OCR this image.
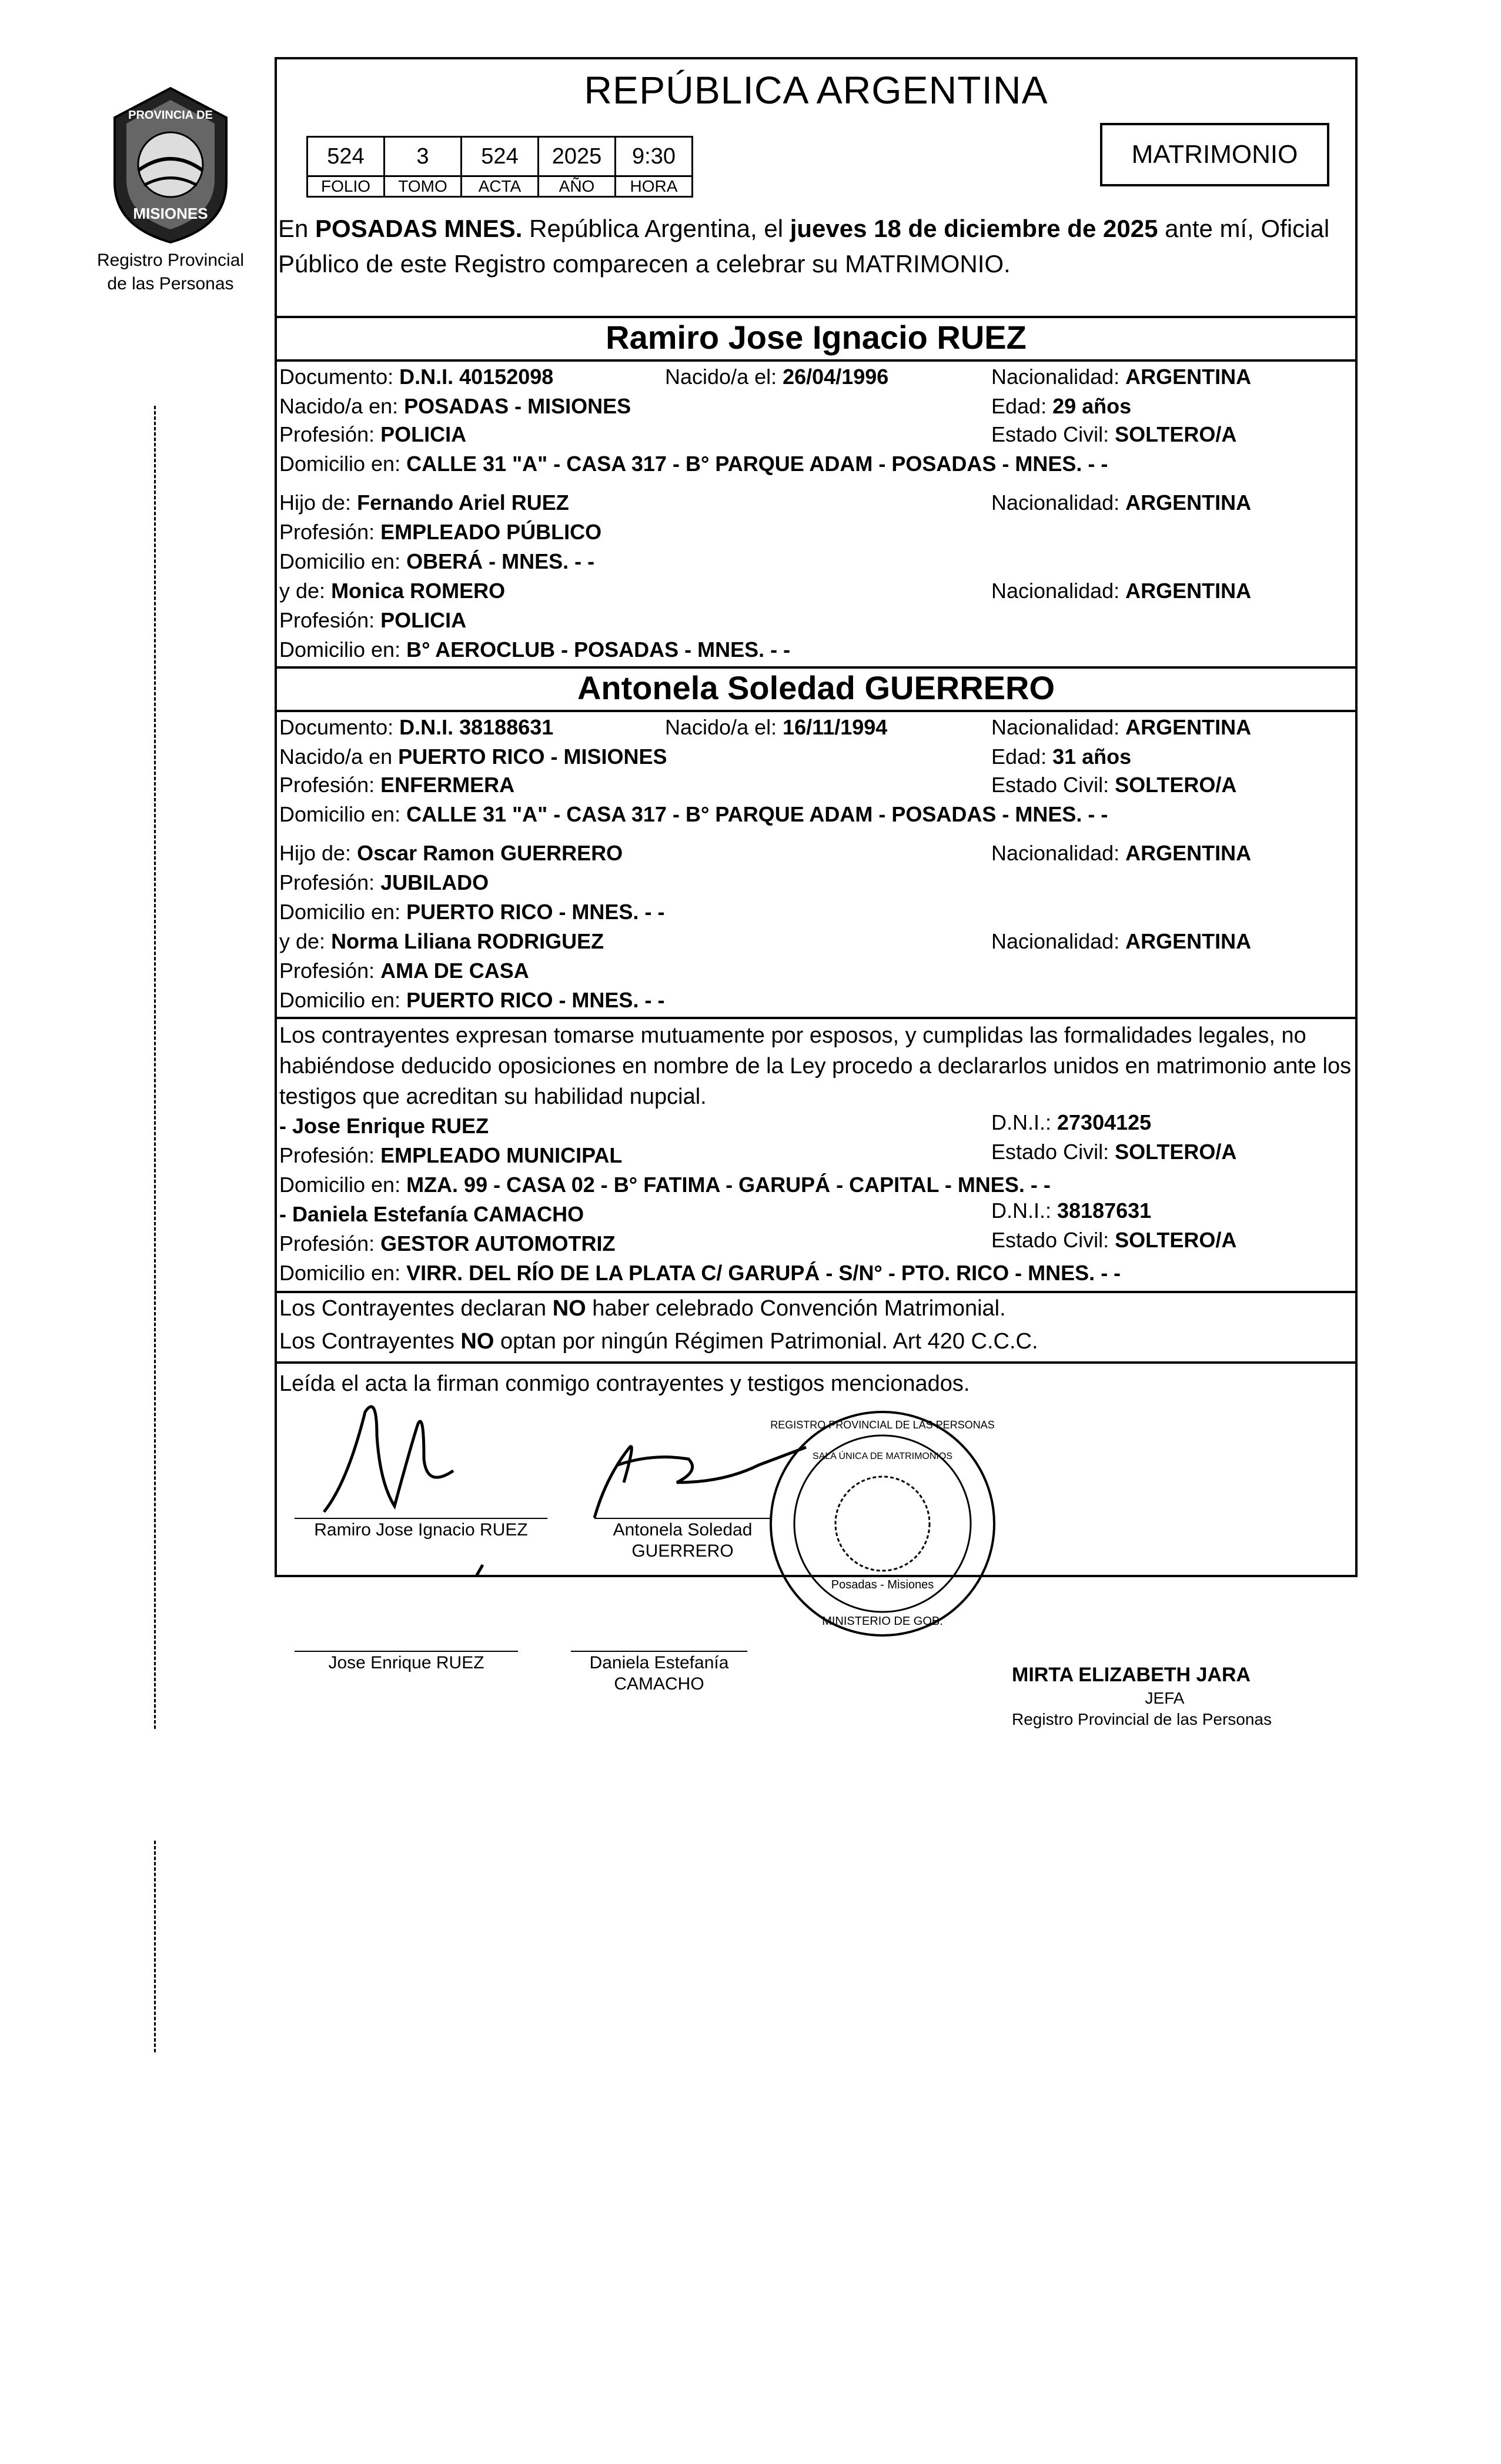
PROVINCIA DE
MISIONES
Registro Provincial
de las Personas
REPÚBLICA ARGENTINA
524	3	524	2025	9:30
FOLIO	TOMO	ACTA	AÑO	HORA
MATRIMONIO
En POSADAS MNES. República Argentina, el jueves 18 de diciembre de 2025 ante mí, Oficial Público de este Registro comparecen a celebrar su MATRIMONIO.
Ramiro Jose Ignacio RUEZ
Documento: D.N.I. 40152098	Nacido/a el: 26/04/1996	Nacionalidad: ARGENTINA
Nacido/a en: POSADAS - MISIONES	Edad: 29 años
Profesión: POLICIA	Estado Civil: SOLTERO/A
Domicilio en: CALLE 31 "A" - CASA 317 - B° PARQUE ADAM - POSADAS - MNES. - -
Hijo de: Fernando Ariel RUEZ	Nacionalidad: ARGENTINA
Profesión: EMPLEADO PÚBLICO
Domicilio en: OBERÁ - MNES. - -
y de: Monica ROMERO	Nacionalidad: ARGENTINA
Profesión: POLICIA
Domicilio en: B° AEROCLUB - POSADAS - MNES. - -
Antonela Soledad GUERRERO
Documento: D.N.I. 38188631	Nacido/a el: 16/11/1994	Nacionalidad: ARGENTINA
Nacido/a en PUERTO RICO - MISIONES	Edad: 31 años
Profesión: ENFERMERA	Estado Civil: SOLTERO/A
Domicilio en: CALLE 31 "A" - CASA 317 - B° PARQUE ADAM - POSADAS - MNES. - -
Hijo de: Oscar Ramon GUERRERO	Nacionalidad: ARGENTINA
Profesión: JUBILADO
Domicilio en: PUERTO RICO - MNES. - -
y de: Norma Liliana RODRIGUEZ	Nacionalidad: ARGENTINA
Profesión: AMA DE CASA
Domicilio en: PUERTO RICO - MNES. - -
Los contrayentes expresan tomarse mutuamente por esposos, y cumplidas las formalidades legales, no habiéndose deducido oposiciones en nombre de la Ley procedo a declararlos unidos en matrimonio ante los testigos que acreditan su habilidad nupcial.
- Jose Enrique RUEZ	D.N.I.: 27304125
Profesión: EMPLEADO MUNICIPAL	Estado Civil: SOLTERO/A
Domicilio en: MZA. 99 - CASA 02 - B° FATIMA - GARUPÁ - CAPITAL - MNES. - -
- Daniela Estefanía CAMACHO	D.N.I.: 38187631
Profesión: GESTOR AUTOMOTRIZ	Estado Civil: SOLTERO/A
Domicilio en: VIRR. DEL RÍO DE LA PLATA C/ GARUPÁ - S/N° - PTO. RICO - MNES. - -
Los Contrayentes declaran NO haber celebrado Convención Matrimonial.
Los Contrayentes NO optan por ningún Régimen Patrimonial. Art 420 C.C.C.
Leída el acta la firman conmigo contrayentes y testigos mencionados.
Ramiro Jose Ignacio RUEZ	Antonela Soledad
GUERRERO
Jose Enrique RUEZ	Daniela Estefanía
CAMACHO
REGISTRO PROVINCIAL DE LAS PERSONAS
SALA ÚNICA DE MATRIMONIOS
Posadas - Misiones
MINISTERIO DE GOB.
MIRTA ELIZABETH JARA
JEFA
Registro Provincial de las Personas
